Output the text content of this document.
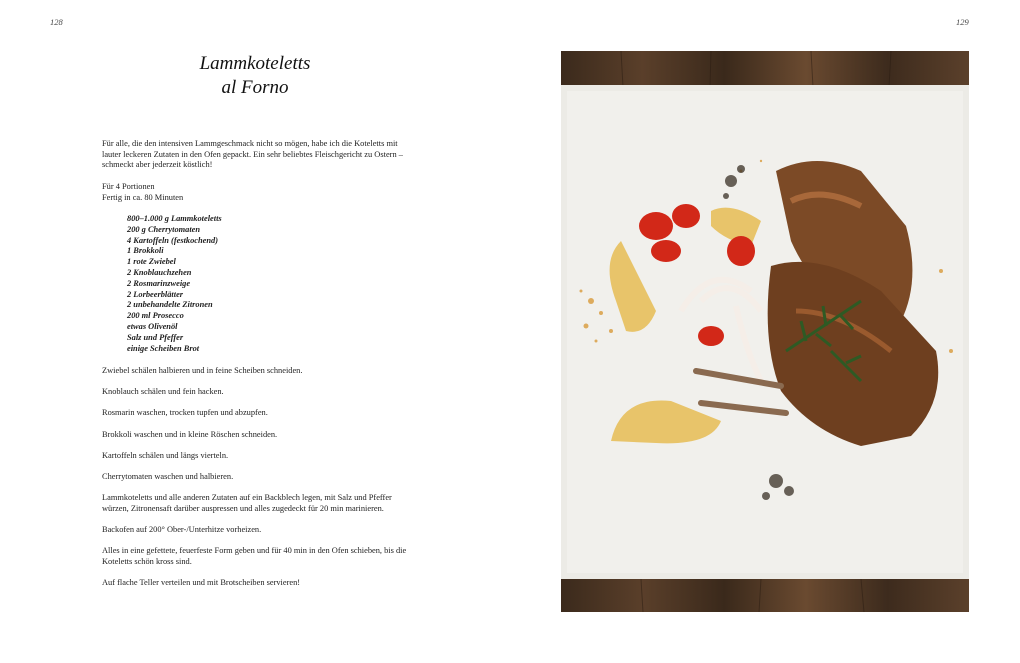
128	129
Lammkoteletts
al Forno
Für alle, die den intensiven Lammgeschmack nicht so mögen, habe ich die Koteletts mit lauter leckeren Zutaten in den Ofen gepackt. Ein sehr beliebtes Fleischgericht zu Ostern – schmeckt aber jederzeit köstlich!
Für 4 Portionen
Fertig in ca. 80 Minuten
800–1.000 g Lammkoteletts
200 g Cherrytomaten
4 Kartoffeln (festkochend)
1 Brokkoli
1 rote Zwiebel
2 Knoblauchzehen
2 Rosmarinzweige
2 Lorbeerblätter
2 unbehandelte Zitronen
200 ml Prosecco
etwas Olivenöl
Salz und Pfeffer
einige Scheiben Brot

Zwiebel schälen halbieren und in feine Scheiben schneiden.

Knoblauch schälen und fein hacken.

Rosmarin waschen, trocken tupfen und abzupfen.

Brokkoli waschen und in kleine Röschen schneiden.

Kartoffeln schälen und längs vierteln.

Cherrytomaten waschen und halbieren.

Lammkoteletts und alle anderen Zutaten auf ein Backblech legen, mit Salz und Pfeffer würzen, Zitronensaft darüber auspressen und alles zugedeckt für 20 min marinieren.

Backofen auf 200° Ober-/Unterhitze vorheizen.

Alles in eine gefettete, feuerfeste Form geben und für 40 min in den Ofen schieben, bis die Koteletts schön kross sind.

Auf flache Teller verteilen und mit Brotscheiben servieren!
